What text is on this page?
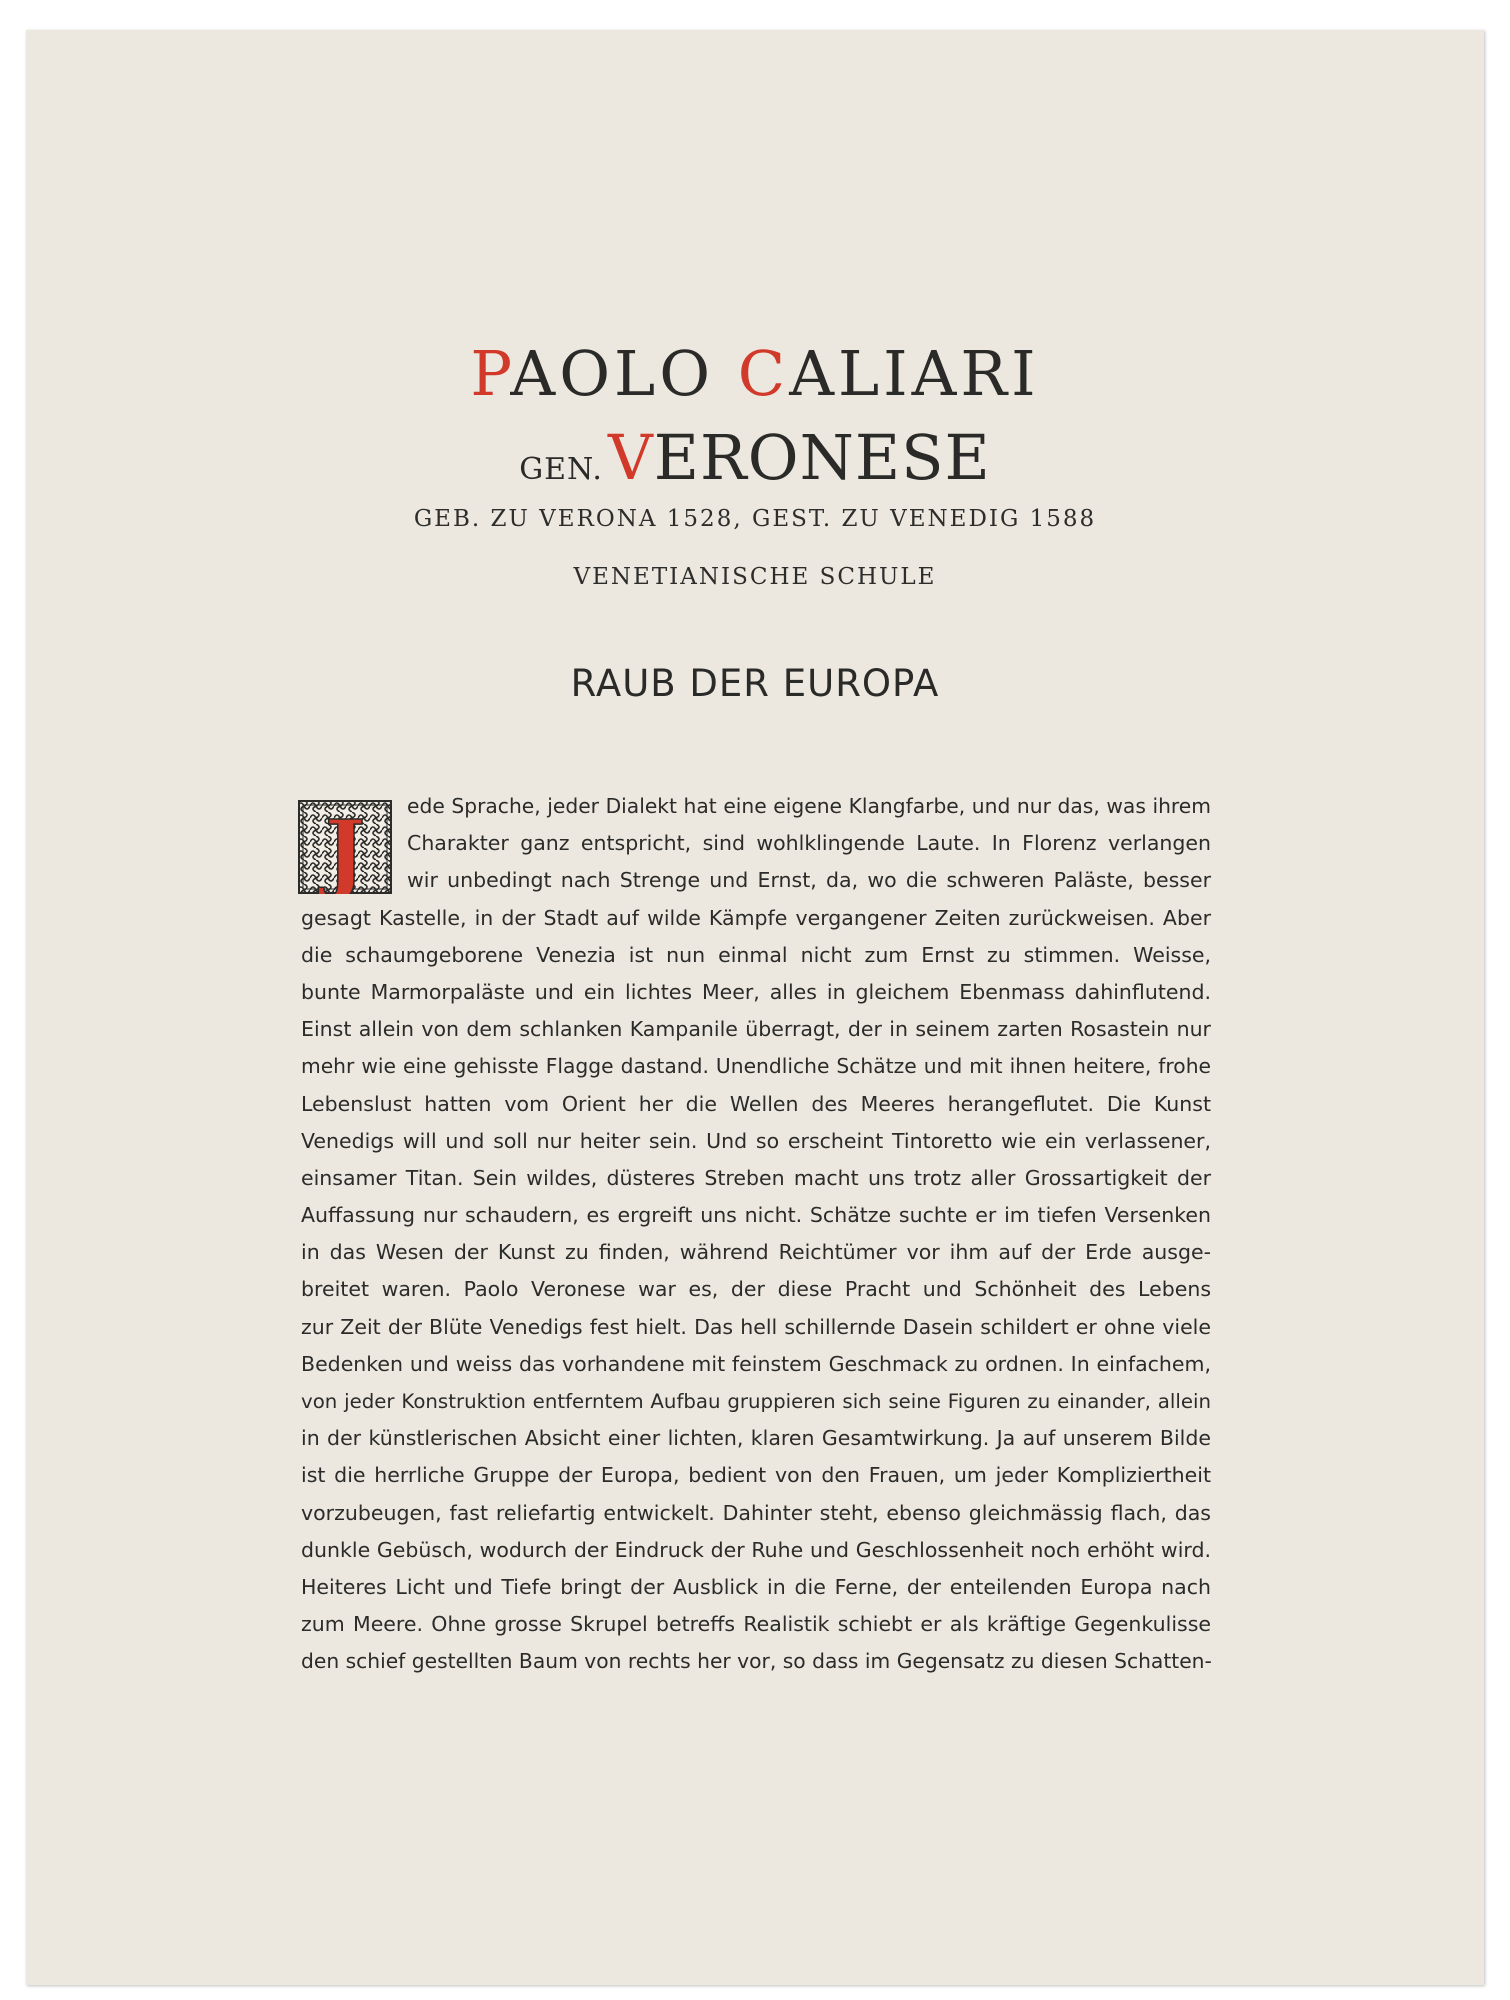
PAOLO CALIARI
GEN. VERONESE
GEB. ZU VERONA 1528, GEST. ZU VENEDIG 1588
VENETIANISCHE SCHULE
RAUB DER EUROPA
J ede Sprache, jeder Dialekt hat eine eigene Klangfarbe, und nur das, was ihrem
Charakter ganz entspricht, sind wohlklingende Laute. In Florenz verlangen
wir unbedingt nach Strenge und Ernst, da, wo die schweren Paläste, besser
gesagt Kastelle, in der Stadt auf wilde Kämpfe vergangener Zeiten zurückweisen. Aber
die schaumgeborene Venezia ist nun einmal nicht zum Ernst zu stimmen. Weisse,
bunte Marmorpaläste und ein lichtes Meer, alles in gleichem Ebenmass dahinflutend.
Einst allein von dem schlanken Kampanile überragt, der in seinem zarten Rosastein nur
mehr wie eine gehisste Flagge dastand. Unendliche Schätze und mit ihnen heitere, frohe
Lebenslust hatten vom Orient her die Wellen des Meeres herangeflutet. Die Kunst
Venedigs will und soll nur heiter sein. Und so erscheint Tintoretto wie ein verlassener,
einsamer Titan. Sein wildes, düsteres Streben macht uns trotz aller Grossartigkeit der
Auffassung nur schaudern, es ergreift uns nicht. Schätze suchte er im tiefen Versenken
in das Wesen der Kunst zu finden, während Reichtümer vor ihm auf der Erde ausge-
breitet waren. Paolo Veronese war es, der diese Pracht und Schönheit des Lebens
zur Zeit der Blüte Venedigs fest hielt. Das hell schillernde Dasein schildert er ohne viele
Bedenken und weiss das vorhandene mit feinstem Geschmack zu ordnen. In einfachem,
von jeder Konstruktion entferntem Aufbau gruppieren sich seine Figuren zu einander, allein
in der künstlerischen Absicht einer lichten, klaren Gesamtwirkung. Ja auf unserem Bilde
ist die herrliche Gruppe der Europa, bedient von den Frauen, um jeder Kompliziertheit
vorzubeugen, fast reliefartig entwickelt. Dahinter steht, ebenso gleichmässig flach, das
dunkle Gebüsch, wodurch der Eindruck der Ruhe und Geschlossenheit noch erhöht wird.
Heiteres Licht und Tiefe bringt der Ausblick in die Ferne, der enteilenden Europa nach
zum Meere. Ohne grosse Skrupel betreffs Realistik schiebt er als kräftige Gegenkulisse
den schief gestellten Baum von rechts her vor, so dass im Gegensatz zu diesen Schatten-
